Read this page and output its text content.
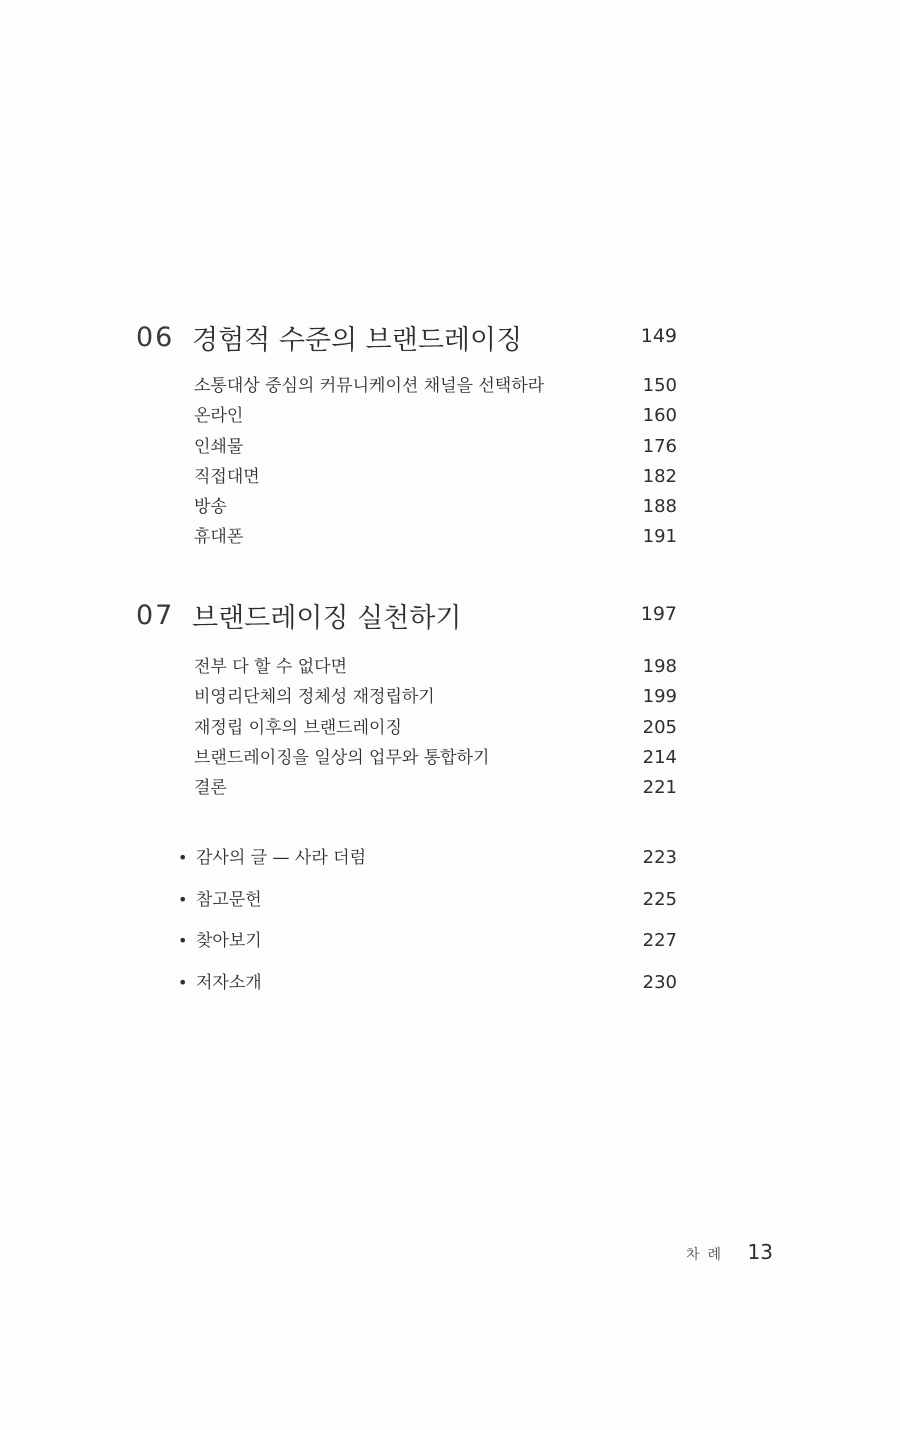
06 경험적 수준의 브랜드레이징	149
소통대상 중심의 커뮤니케이션 채널을 선택하라	150
온라인	160
인쇄물	176
직접대면	182
방송	188
휴대폰	191
07 브랜드레이징 실천하기	197
전부 다 할 수 없다면	198
비영리단체의 정체성 재정립하기	199
재정립 이후의 브랜드레이징	205
브랜드레이징을 일상의 업무와 통합하기	214
결론	221
• 감사의 글 — 사라 더럼	223
• 참고문헌	225
• 찾아보기	227
• 저자소개	230
차례 13
